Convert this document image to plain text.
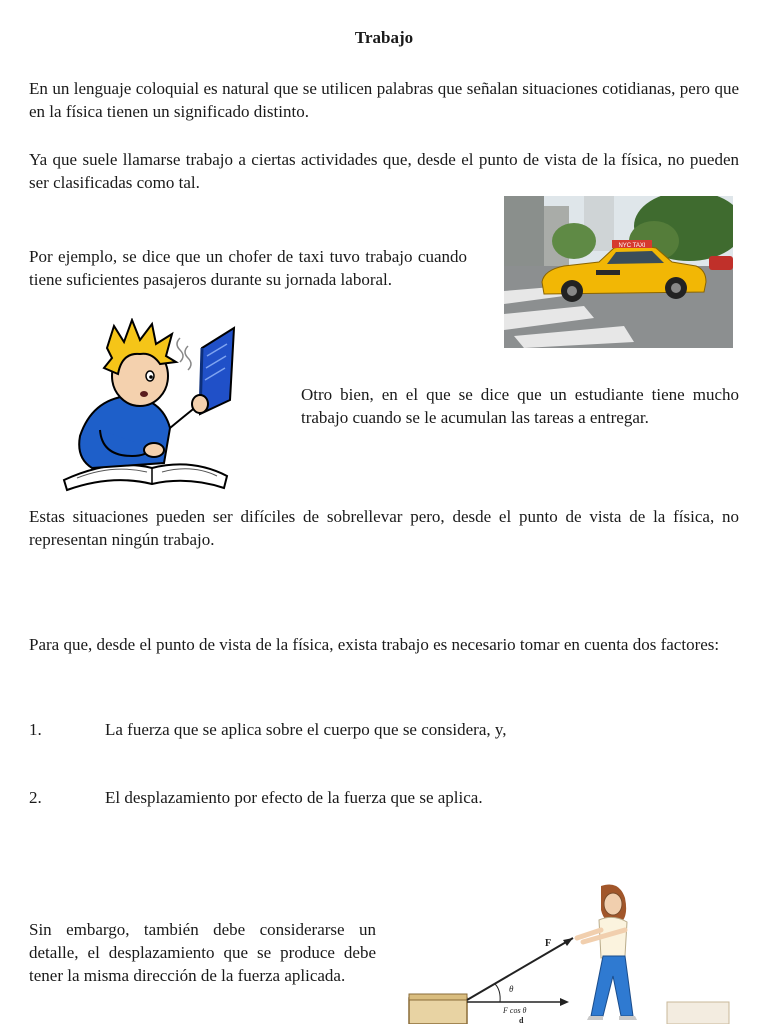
Trabajo

En un lenguaje coloquial es natural que se utilicen palabras que señalan situaciones cotidianas, pero que en la física tienen un significado distinto.

Ya que suele llamarse trabajo a ciertas actividades que, desde el punto de vista de la física, no pueden ser clasificadas como tal.

NYC TAXI

Por ejemplo, se dice que un chofer de taxi tuvo trabajo cuando tiene suficientes pasajeros durante su jornada laboral.

Otro bien, en el que se dice que un estudiante tiene mucho trabajo cuando se le acumulan las tareas a entregar.

Estas situaciones pueden ser difíciles de sobrellevar pero, desde el punto de vista de la física, no representan ningún trabajo.

Para que, desde el punto de vista de la física, exista trabajo es necesario tomar en cuenta dos factores:

1.	La fuerza que se aplica sobre el cuerpo que se considera, y,
2.	El desplazamiento por efecto de la fuerza que se aplica.

Sin embargo, también debe considerarse un detalle, el desplazamiento que se produce debe tener la misma dirección de la fuerza aplicada.

θ
F
F cos θ
d
